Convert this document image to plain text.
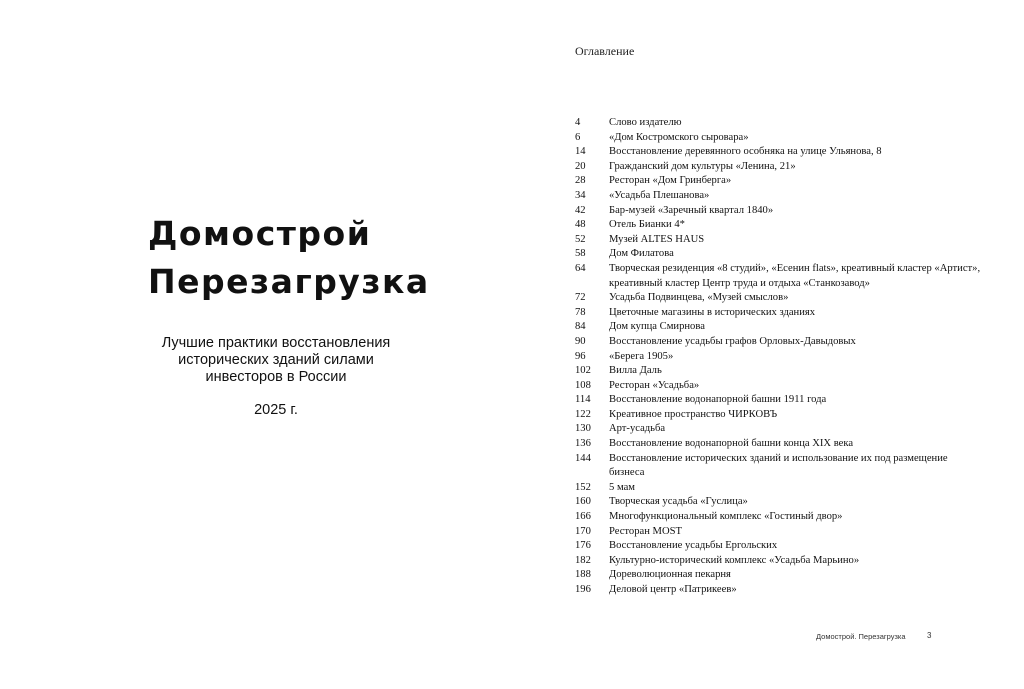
Домострой
Перезагрузка
Лучшие практики восстановления исторических зданий силами инвесторов в России
2025 г.
Оглавление
4	Слово издателю
6	«Дом Костромского сыровара»
14	Восстановление деревянного особняка на улице Ульянова, 8
20	Гражданский дом культуры «Ленина, 21»
28	Ресторан «Дом Гринберга»
34	«Усадьба Плешанова»
42	Бар-музей «Заречный квартал 1840»
48	Отель Бианки 4*
52	Музей ALTES HAUS
58	Дом Филатова
64	Творческая резиденция «8 студий», «Есенин flats», креативный кластер «Артист», креативный кластер Центр труда и отдыха «Станкозавод»
72	Усадьба Подвинцева, «Музей смыслов»
78	Цветочные магазины в исторических зданиях
84	Дом купца Смирнова
90	Восстановление усадьбы графов Орловых-Давыдовых
96	«Берега 1905»
102	Вилла Даль
108	Ресторан «Усадьба»
114	Восстановление водонапорной башни 1911 года
122	Креативное пространство ЧИРКОВЪ
130	Арт-усадьба
136	Восстановление водонапорной башни конца XIX века
144	Восстановление исторических зданий и использование их под размещение бизнеса
152	5 мам
160	Творческая усадьба «Гуслица»
166	Многофункциональный комплекс «Гостиный двор»
170	Ресторан MOST
176	Восстановление усадьбы Ергольских
182	Культурно-исторический комплекс «Усадьба Марьино»
188	Дореволюционная пекарня
196	Деловой центр «Патрикеев»
Домострой. Перезагрузка	3
